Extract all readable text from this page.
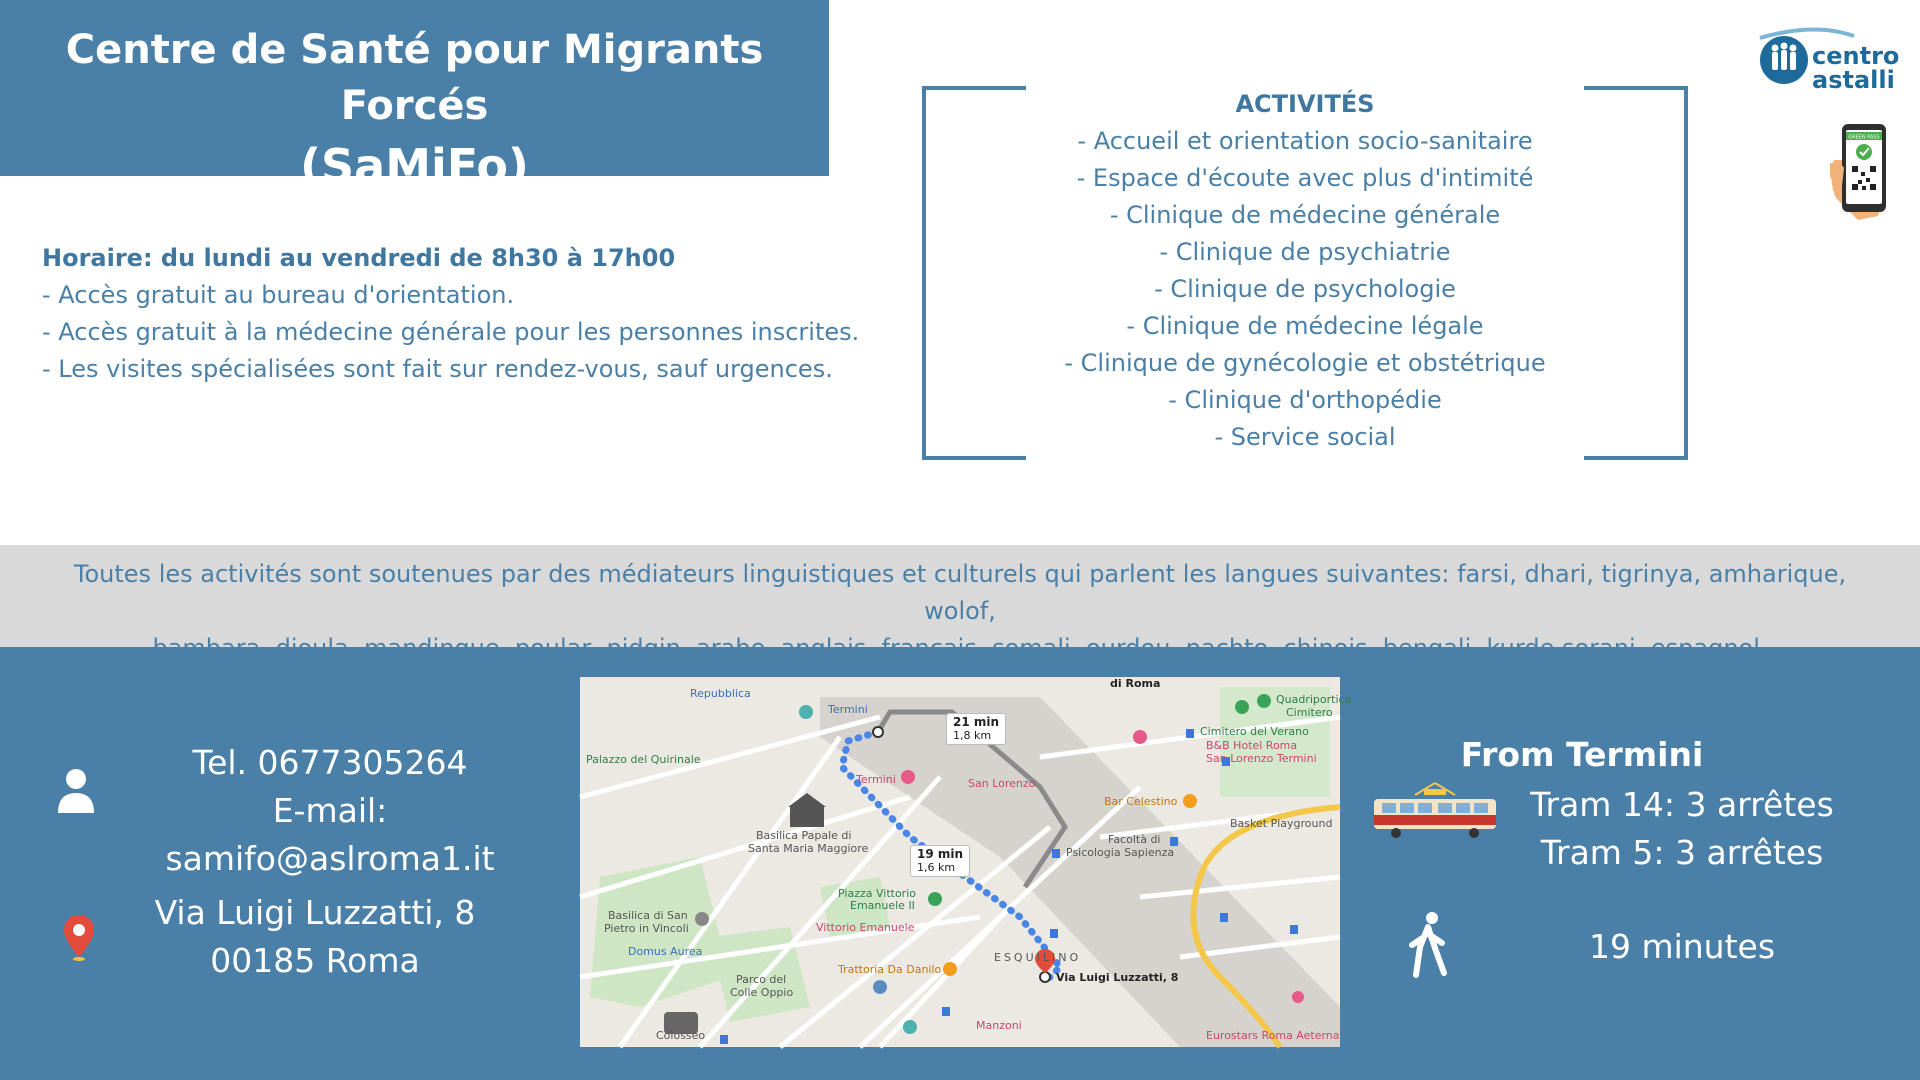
Centre de Santé pour Migrants Forcés
(SaMiFo)
centro
astalli
GREEN PASS
Horaire: du lundi au vendredi de 8h30 à 17h00
- Accès gratuit au bureau d'orientation.
- Accès gratuit à la médecine générale pour les personnes inscrites.
- Les visites spécialisées sont fait sur rendez-vous, sauf urgences.
ACTIVITÉS
- Accueil et orientation socio-sanitaire
- Espace d'écoute avec plus d'intimité
- Clinique de médecine générale
- Clinique de psychiatrie
- Clinique de psychologie
- Clinique de médecine légale
- Clinique de gynécologie et obstétrique
- Clinique d'orthopédie
- Service social
Toutes les activités sont soutenues par des médiateurs linguistiques et culturels qui parlent les langues suivantes: farsi, dhari, tigrinya, amharique, wolof,
Tel. 0677305264
E-mail: samifo@aslroma1.it
Via Luigi Luzzatti, 8
00185 Roma
Repubblica
Termini
Palazzo del Quirinale
Termini	San Lorenzo
Basilica Papale di
Santa Maria Maggiore
Piazza Vittorio
Emanuele II
Vittorio Emanuele
Basilica di San
Pietro in Vincoli
Domus Aurea
Parco del
Colle Oppio
Trattoria Da Danilo
ESQUILINO
Via Luigi Luzzatti, 8
Colosseo
Manzoni
Eurostars Roma Aeterna
Bar Celestino
Facoltà di
Psicologia Sapienza
B&B Hotel Roma
San Lorenzo Termini
Cimitero del Verano
Quadriportico
Cimitero
Basket Playground
di Roma
21 min
1,8 km
19 min
1,6 km
From Termini
Tram 14: 3 arrêtes
Tram 5: 3 arrêtes
19 minutes
